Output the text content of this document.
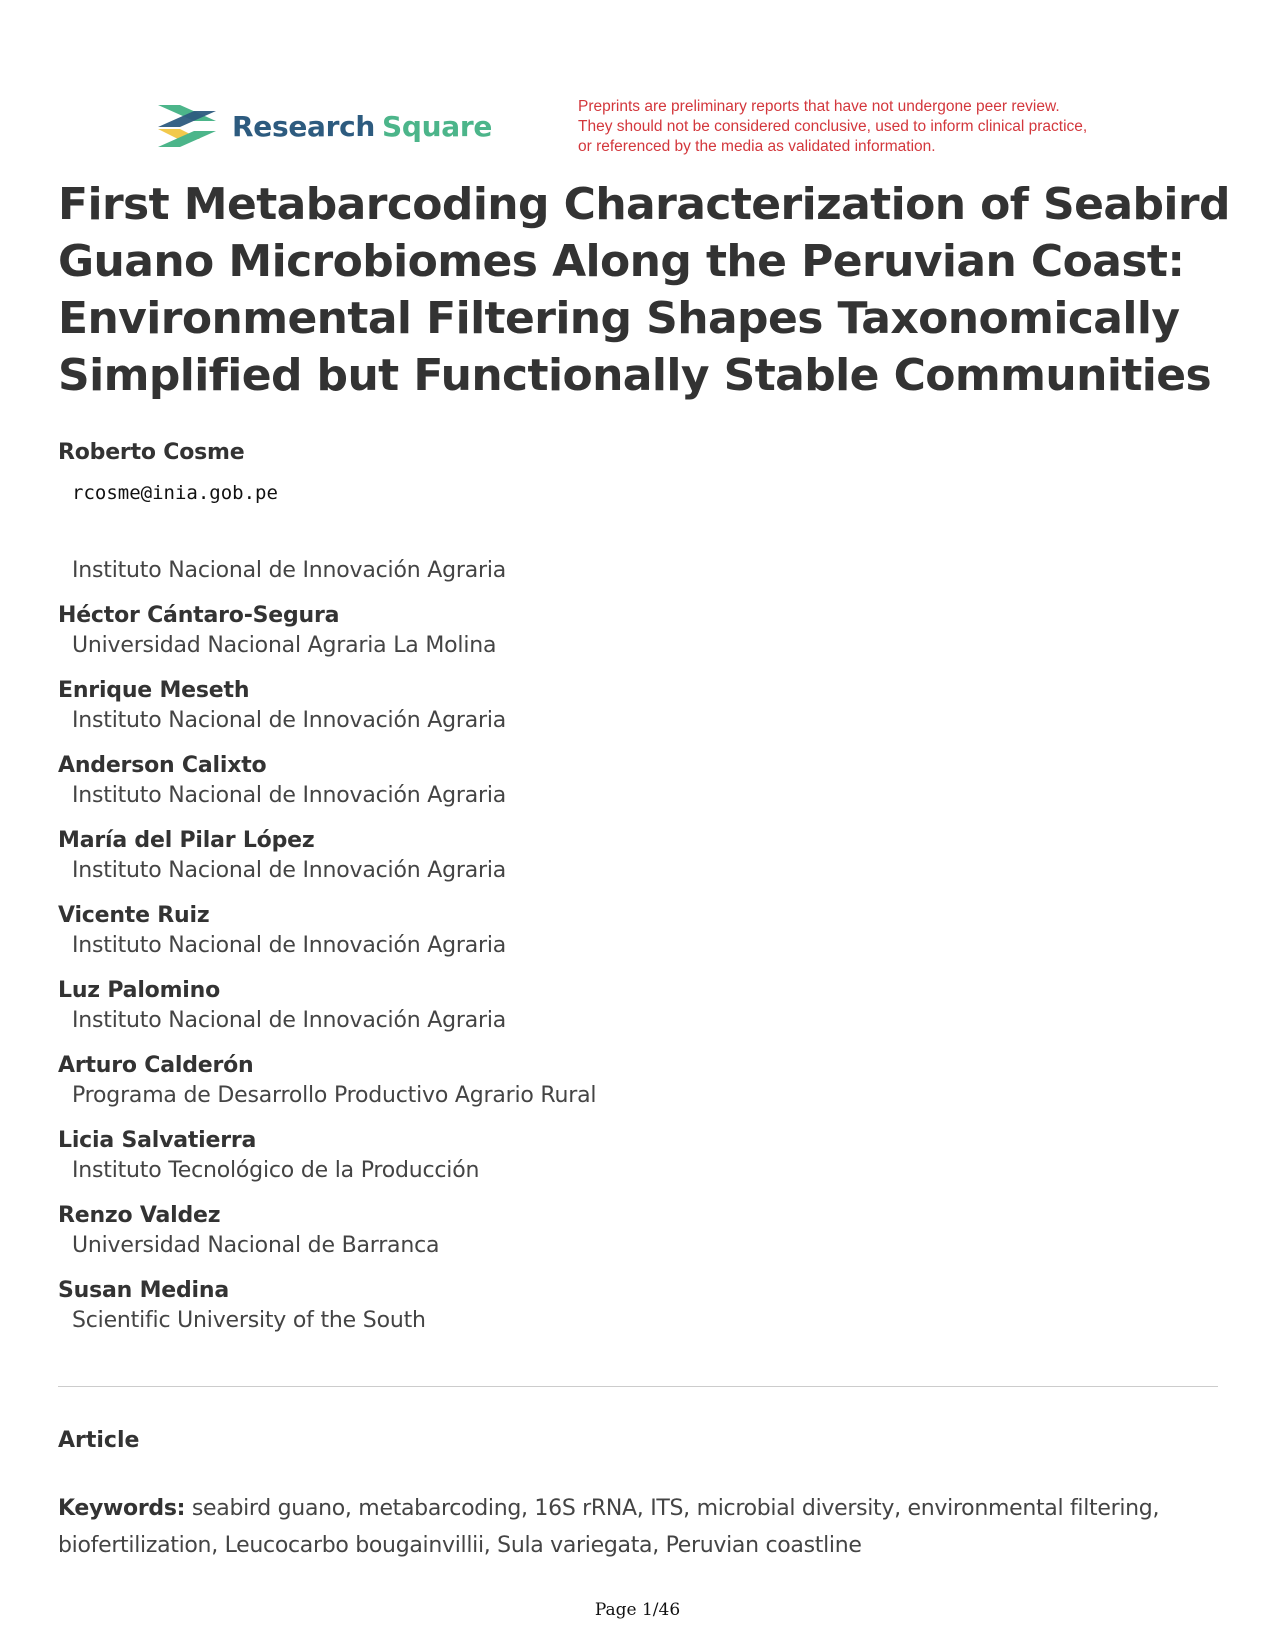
Research Square
Preprints are preliminary reports that have not undergone peer review.
They should not be considered conclusive, used to inform clinical practice,
or referenced by the media as validated information.
First Metabarcoding Characterization of Seabird
Guano Microbiomes Along the Peruvian Coast:
Environmental Filtering Shapes Taxonomically
Simplified but Functionally Stable Communities
Roberto Cosme
rcosme@inia.gob.pe
Instituto Nacional de Innovación Agraria
Héctor Cántaro-Segura
Universidad Nacional Agraria La Molina
Enrique Meseth
Instituto Nacional de Innovación Agraria
Anderson Calixto
Instituto Nacional de Innovación Agraria
María del Pilar López
Instituto Nacional de Innovación Agraria
Vicente Ruiz
Instituto Nacional de Innovación Agraria
Luz Palomino
Instituto Nacional de Innovación Agraria
Arturo Calderón
Programa de Desarrollo Productivo Agrario Rural
Licia Salvatierra
Instituto Tecnológico de la Producción
Renzo Valdez
Universidad Nacional de Barranca
Susan Medina
Scientific University of the South
Article
Keywords: seabird guano, metabarcoding, 16S rRNA, ITS, microbial diversity, environmental filtering, biofertilization, Leucocarbo bougainvillii, Sula variegata, Peruvian coastline
Page 1/46
